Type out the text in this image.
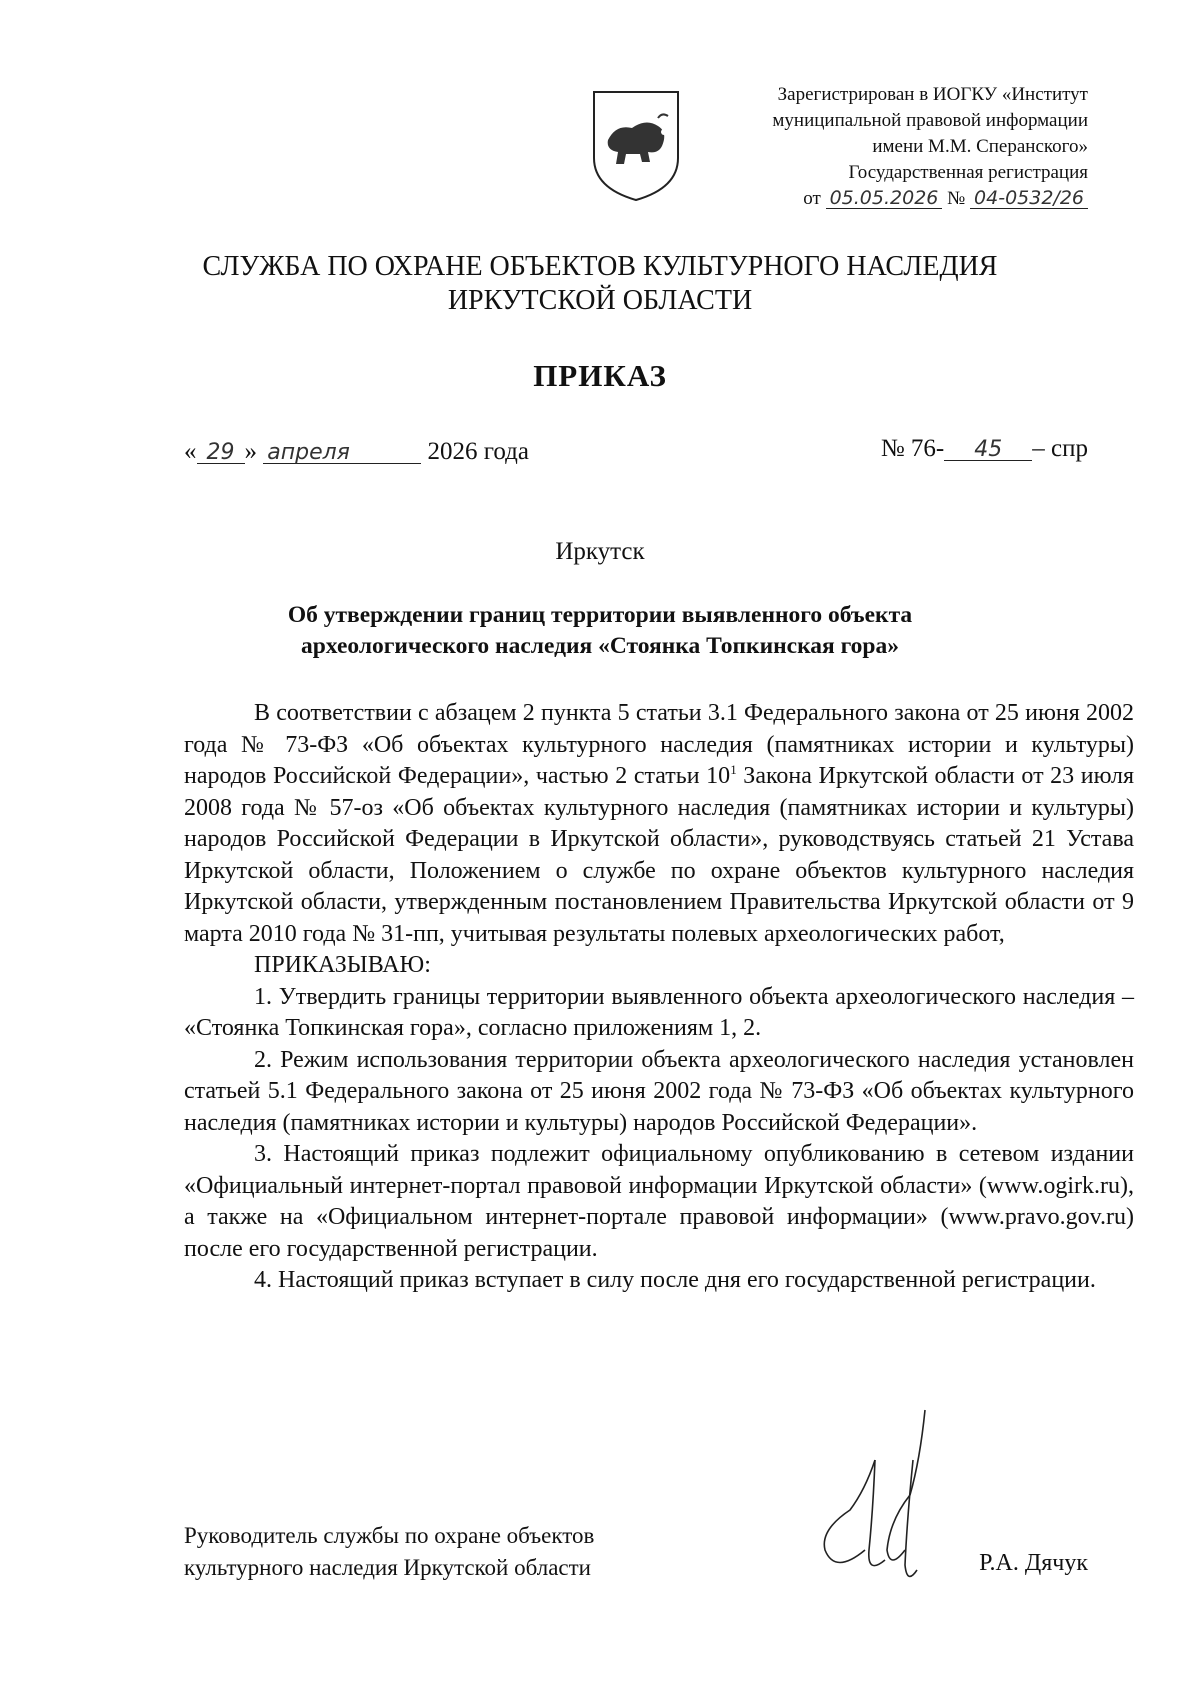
Зарегистрирован в ИОГКУ «Институт
муниципальной правовой информации
имени М.М. Сперанского»
Государственная регистрация
от 05.05.2026 № 04-0532/26
СЛУЖБА ПО ОХРАНЕ ОБЪЕКТОВ КУЛЬТУРНОГО НАСЛЕДИЯ
ИРКУТСКОЙ ОБЛАСТИ
ПРИКАЗ
« 29 » апреля	2026 года	№ 76- 45 – спр
Иркутск
Об утверждении границ территории выявленного объекта
археологического наследия «Стоянка Топкинская гора»

В соответствии с абзацем 2 пункта 5 статьи 3.1 Федерального закона от 25 июня 2002 года № 73-ФЗ «Об объектах культурного наследия (памятниках истории и культуры) народов Российской Федерации», частью 2 статьи $10^1$ Закона Иркутской области от 23 июля 2008 года № 57-оз «Об объектах культурного наследия (памятниках истории и культуры) народов Российской Федерации в Иркутской области», руководствуясь статьей 21 Устава Иркутской области, Положением о службе по охране объектов культурного наследия Иркутской области, утвержденным постановлением Правительства Иркутской области от 9 марта 2010 года № 31-пп, учитывая результаты полевых археологических работ,

ПРИКАЗЫВАЮ:

1. Утвердить границы территории выявленного объекта археологического наследия – «Стоянка Топкинская гора», согласно приложениям 1, 2.

2. Режим использования территории объекта археологического наследия установлен статьей 5.1 Федерального закона от 25 июня 2002 года № 73-ФЗ «Об объектах культурного наследия (памятниках истории и культуры) народов Российской Федерации».

3. Настоящий приказ подлежит официальному опубликованию в сетевом издании «Официальный интернет-портал правовой информации Иркутской области» (www.ogirk.ru), а также на «Официальном интернет-портале правовой информации» (www.pravo.gov.ru) после его государственной регистрации.

4. Настоящий приказ вступает в силу после дня его государственной регистрации.

Руководитель службы по охране объектов
культурного наследия Иркутской области	Р.А. Дячук
